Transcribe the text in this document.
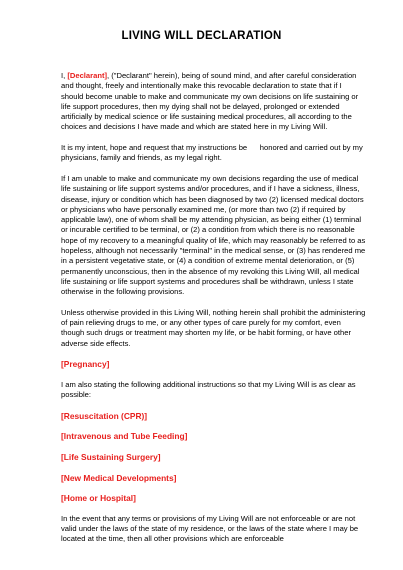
LIVING WILL DECLARATION

I, [Declarant], ("Declarant" herein), being of sound mind, and after careful consideration and thought, freely and intentionally make this revocable declaration to state that if I should become unable to make and communicate my own decisions on life sustaining or life support procedures, then my dying shall not be delayed, prolonged or extended artificially by medical science or life sustaining medical procedures, all according to the choices and decisions I have made and which are stated here in my Living Will.

It is my intent, hope and request that my instructions be      honored and carried out by my physicians, family and friends, as my legal right.

If I am unable to make and communicate my own decisions regarding the use of medical life sustaining or life support systems and/or procedures, and if I have a sickness, illness, disease, injury or condition which has been diagnosed by two (2) licensed medical doctors or physicians who have personally examined me, (or more than two (2) if required by applicable law), one of whom shall be my attending physician, as being either (1) terminal or incurable certified to be terminal, or (2) a condition from which there is no reasonable hope of my recovery to a meaningful quality of life, which may reasonably be referred to as hopeless, although not necessarily "terminal" in the medical sense, or (3) has rendered me in a persistent vegetative state, or (4) a condition of extreme mental deterioration, or (5) permanently unconscious, then in the absence of my revoking this Living Will, all medical life sustaining or life support systems and procedures shall be withdrawn, unless I state otherwise in the following provisions.

Unless otherwise provided in this Living Will, nothing herein shall prohibit the administering of pain relieving drugs to me, or any other types of care purely for my comfort, even though such drugs or treatment may shorten my life, or be habit forming, or have other adverse side effects.

[Pregnancy]

I am also stating the following additional instructions so that my Living Will is as clear as possible:

[Resuscitation (CPR)]
[Intravenous and Tube Feeding]
[Life Sustaining Surgery]
[New Medical Developments]
[Home or Hospital]

In the event that any terms or provisions of my Living Will are not enforceable or are not valid under the laws of the state of my residence, or the laws of the state where I may be located at the time, then all other provisions which are enforceable
